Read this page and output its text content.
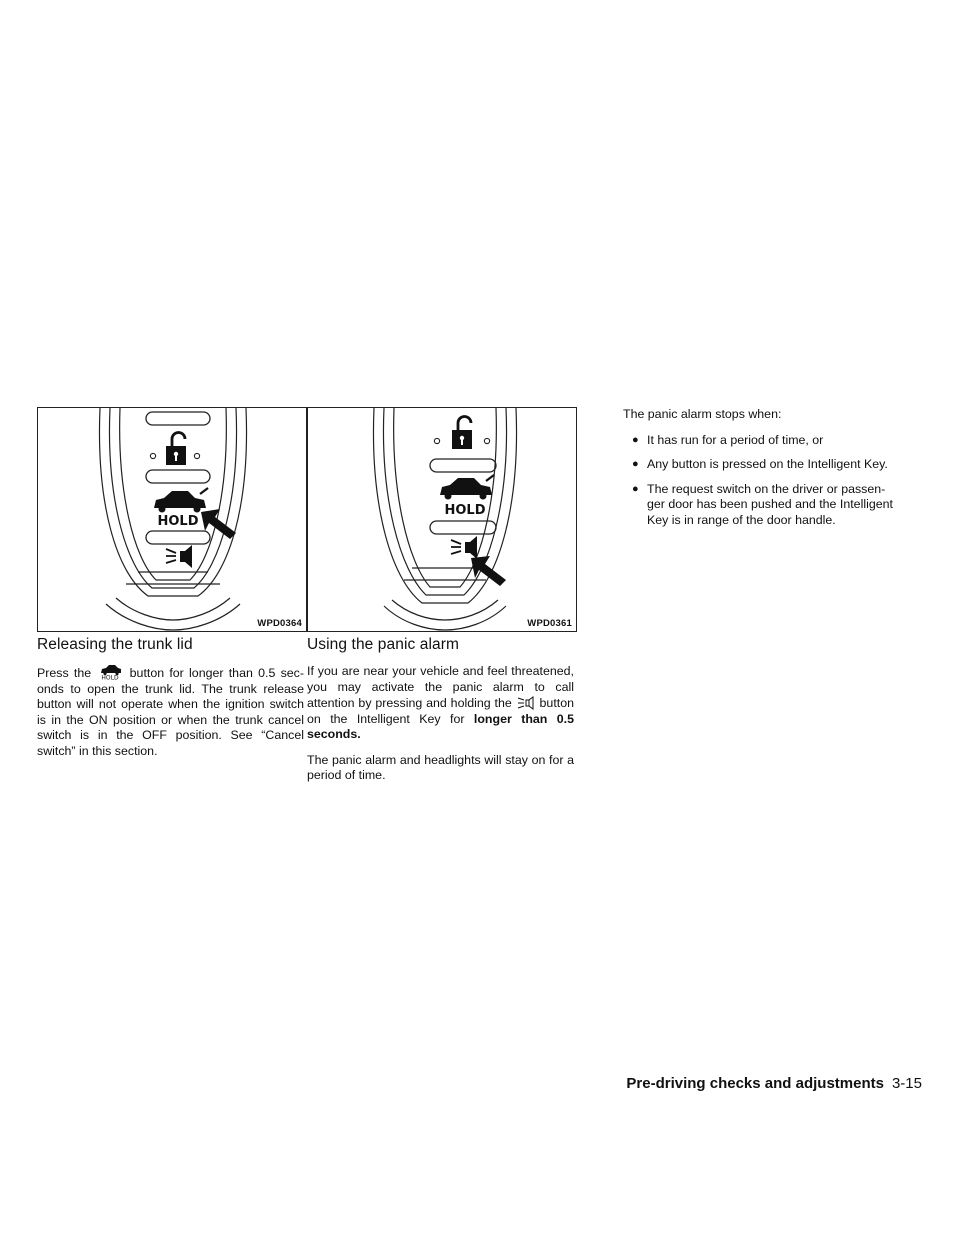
HOLD
WPD0364
HOLD
WPD0361
Releasing the trunk lid

Press the HOLD button for longer than 0.5 sec-onds to open the trunk lid. The trunk release button will not operate when the ignition switch is in the ON position or when the trunk cancel switch is in the OFF position. See “Cancel switch” in this section.

Using the panic alarm

If you are near your vehicle and feel threatened, you may activate the panic alarm to call attention by pressing and holding the button on the Intelligent Key for longer than 0.5 seconds.

The panic alarm and headlights will stay on for a period of time.

The panic alarm stops when:
● It has run for a period of time, or
● Any button is pressed on the Intelligent Key.
● The request switch on the driver or passen-ger door has been pushed and the Intelligent Key is in range of the door handle.
Pre-driving checks and adjustments 3-15
